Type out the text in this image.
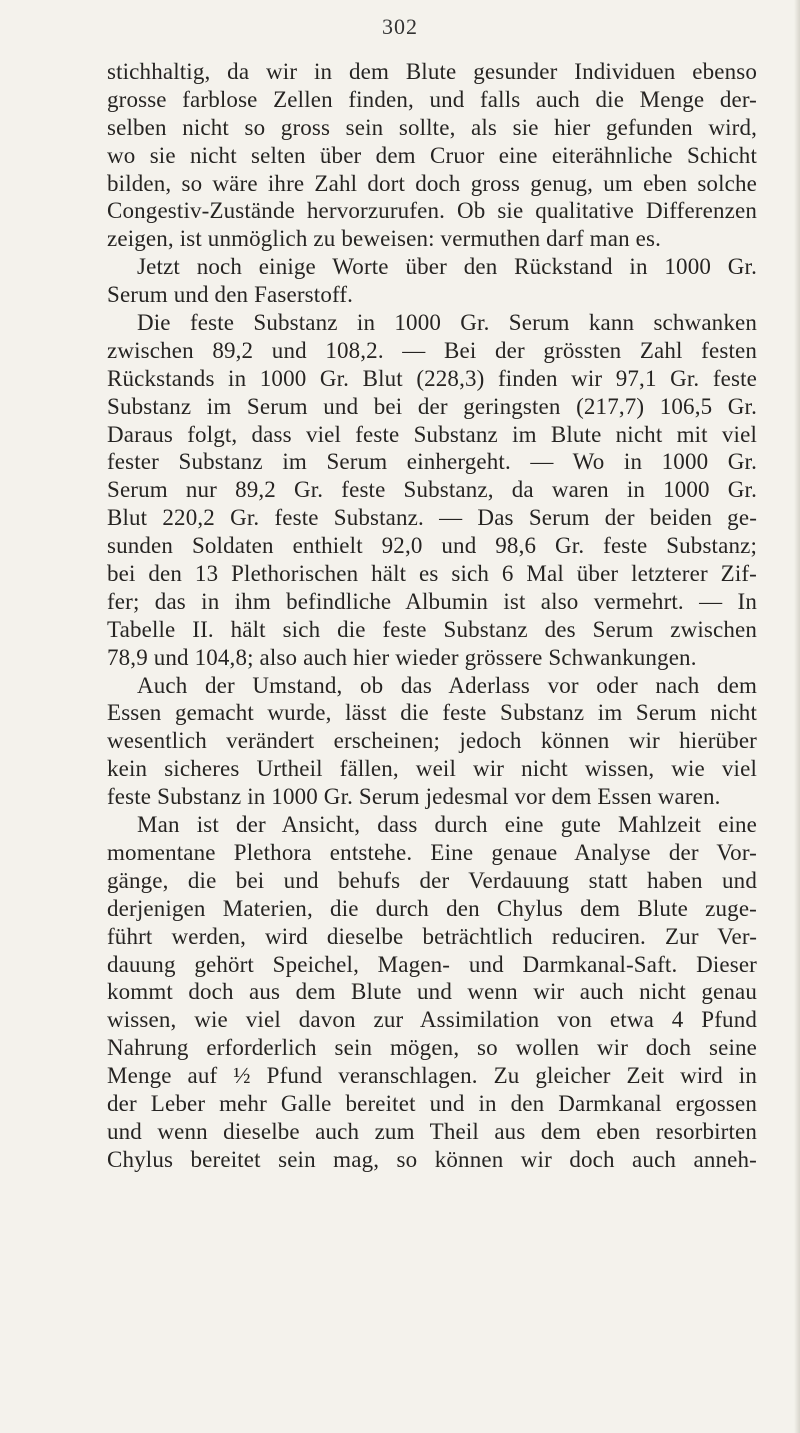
302
stichhaltig, da wir in dem Blute gesunder Individuen ebenso
grosse farblose Zellen finden, und falls auch die Menge der-
selben nicht so gross sein sollte, als sie hier gefunden wird,
wo sie nicht selten über dem Cruor eine eiterähnliche Schicht
bilden, so wäre ihre Zahl dort doch gross genug, um eben solche
Congestiv-Zustände hervorzurufen. Ob sie qualitative Differenzen
zeigen, ist unmöglich zu beweisen: vermuthen darf man es.
Jetzt noch einige Worte über den Rückstand in 1000 Gr.
Serum und den Faserstoff.
Die feste Substanz in 1000 Gr. Serum kann schwanken
zwischen 89,2 und 108,2. — Bei der grössten Zahl festen
Rückstands in 1000 Gr. Blut (228,3) finden wir 97,1 Gr. feste
Substanz im Serum und bei der geringsten (217,7) 106,5 Gr.
Daraus folgt, dass viel feste Substanz im Blute nicht mit viel
fester Substanz im Serum einhergeht. — Wo in 1000 Gr.
Serum nur 89,2 Gr. feste Substanz, da waren in 1000 Gr.
Blut 220,2 Gr. feste Substanz. — Das Serum der beiden ge-
sunden Soldaten enthielt 92,0 und 98,6 Gr. feste Substanz;
bei den 13 Plethorischen hält es sich 6 Mal über letzterer Zif-
fer; das in ihm befindliche Albumin ist also vermehrt. — In
Tabelle II. hält sich die feste Substanz des Serum zwischen
78,9 und 104,8; also auch hier wieder grössere Schwankungen.
Auch der Umstand, ob das Aderlass vor oder nach dem
Essen gemacht wurde, lässt die feste Substanz im Serum nicht
wesentlich verändert erscheinen; jedoch können wir hierüber
kein sicheres Urtheil fällen, weil wir nicht wissen, wie viel
feste Substanz in 1000 Gr. Serum jedesmal vor dem Essen waren.
Man ist der Ansicht, dass durch eine gute Mahlzeit eine
momentane Plethora entstehe. Eine genaue Analyse der Vor-
gänge, die bei und behufs der Verdauung statt haben und
derjenigen Materien, die durch den Chylus dem Blute zuge-
führt werden, wird dieselbe beträchtlich reduciren. Zur Ver-
dauung gehört Speichel, Magen- und Darmkanal-Saft. Dieser
kommt doch aus dem Blute und wenn wir auch nicht genau
wissen, wie viel davon zur Assimilation von etwa 4 Pfund
Nahrung erforderlich sein mögen, so wollen wir doch seine
Menge auf ½ Pfund veranschlagen. Zu gleicher Zeit wird in
der Leber mehr Galle bereitet und in den Darmkanal ergossen
und wenn dieselbe auch zum Theil aus dem eben resorbirten
Chylus bereitet sein mag, so können wir doch auch anneh-
